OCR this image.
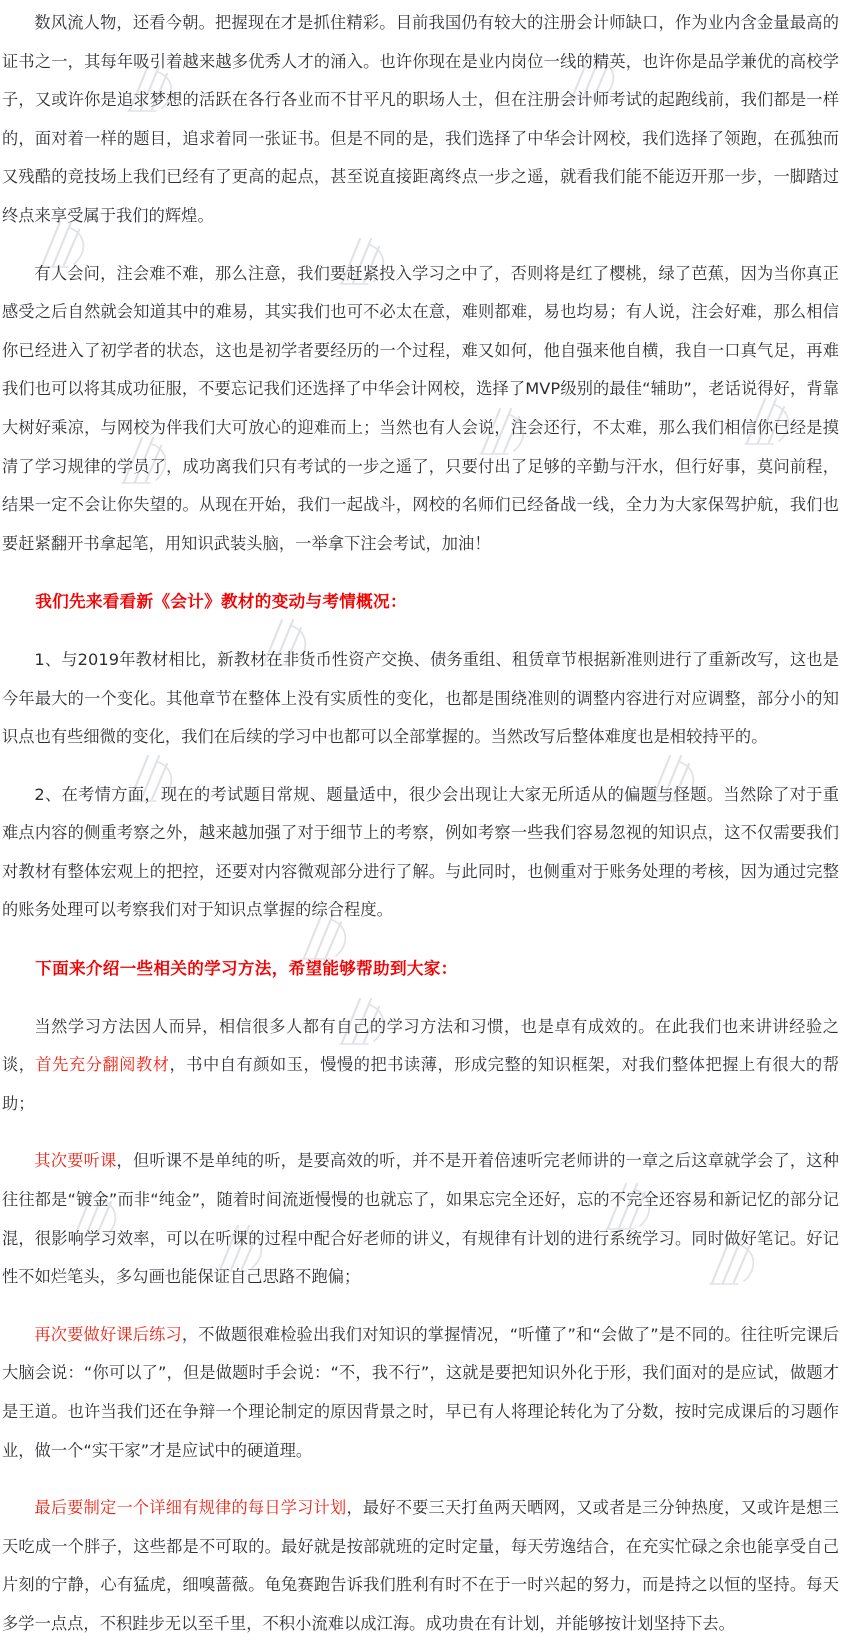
数风流人物，还看今朝。把握现在才是抓住精彩。目前我国仍有较大的注册会计师缺口，作为业内含金量最高的证书之一，其每年吸引着越来越多优秀人才的涌入。也许你现在是业内岗位一线的精英，也许你是品学兼优的高校学子，又或许你是追求梦想的活跃在各行各业而不甘平凡的职场人士，但在注册会计师考试的起跑线前，我们都是一样的，面对着一样的题目，追求着同一张证书。但是不同的是，我们选择了中华会计网校，我们选择了领跑，在孤独而又残酷的竞技场上我们已经有了更高的起点，甚至说直接距离终点一步之遥，就看我们能不能迈开那一步，一脚踏过终点来享受属于我们的辉煌。

有人会问，注会难不难，那么注意，我们要赶紧投入学习之中了，否则将是红了樱桃，绿了芭蕉，因为当你真正感受之后自然就会知道其中的难易，其实我们也可不必太在意，难则都难，易也均易；有人说，注会好难，那么相信你已经进入了初学者的状态，这也是初学者要经历的一个过程，难又如何，他自强来他自横，我自一口真气足，再难我们也可以将其成功征服，不要忘记我们还选择了中华会计网校，选择了MVP级别的最佳“辅助”，老话说得好，背靠大树好乘凉，与网校为伴我们大可放心的迎难而上；当然也有人会说，注会还行，不太难，那么我们相信你已经是摸清了学习规律的学员了，成功离我们只有考试的一步之遥了，只要付出了足够的辛勤与汗水，但行好事，莫问前程，结果一定不会让你失望的。从现在开始，我们一起战斗，网校的名师们已经备战一线，全力为大家保驾护航，我们也要赶紧翻开书拿起笔，用知识武装头脑，一举拿下注会考试，加油！

我们先来看看新《会计》教材的变动与考情概况：

1、与2019年教材相比，新教材在非货币性资产交换、债务重组、租赁章节根据新准则进行了重新改写，这也是今年最大的一个变化。其他章节在整体上没有实质性的变化，也都是围绕准则的调整内容进行对应调整，部分小的知识点也有些细微的变化，我们在后续的学习中也都可以全部掌握的。当然改写后整体难度也是相较持平的。

2、在考情方面，现在的考试题目常规、题量适中，很少会出现让大家无所适从的偏题与怪题。当然除了对于重难点内容的侧重考察之外，越来越加强了对于细节上的考察，例如考察一些我们容易忽视的知识点，这不仅需要我们对教材有整体宏观上的把控，还要对内容微观部分进行了解。与此同时，也侧重对于账务处理的考核，因为通过完整的账务处理可以考察我们对于知识点掌握的综合程度。

下面来介绍一些相关的学习方法，希望能够帮助到大家：

当然学习方法因人而异，相信很多人都有自己的学习方法和习惯，也是卓有成效的。在此我们也来讲讲经验之谈，首先充分翻阅教材，书中自有颜如玉，慢慢的把书读薄，形成完整的知识框架，对我们整体把握上有很大的帮助；

其次要听课，但听课不是单纯的听，是要高效的听，并不是开着倍速听完老师讲的一章之后这章就学会了，这种往往都是“镀金”而非“纯金”，随着时间流逝慢慢的也就忘了，如果忘完全还好，忘的不完全还容易和新记忆的部分记混，很影响学习效率，可以在听课的过程中配合好老师的讲义，有规律有计划的进行系统学习。同时做好笔记。好记性不如烂笔头，多勾画也能保证自己思路不跑偏；

再次要做好课后练习，不做题很难检验出我们对知识的掌握情况，“听懂了”和“会做了”是不同的。往往听完课后大脑会说：“你可以了”，但是做题时手会说：“不，我不行”，这就是要把知识外化于形，我们面对的是应试，做题才是王道。也许当我们还在争辩一个理论制定的原因背景之时，早已有人将理论转化为了分数，按时完成课后的习题作业，做一个“实干家”才是应试中的硬道理。

最后要制定一个详细有规律的每日学习计划，最好不要三天打鱼两天晒网，又或者是三分钟热度，又或许是想三天吃成一个胖子，这些都是不可取的。最好就是按部就班的定时定量，每天劳逸结合，在充实忙碌之余也能享受自己片刻的宁静，心有猛虎，细嗅蔷薇。龟兔赛跑告诉我们胜利有时不在于一时兴起的努力，而是持之以恒的坚持。每天多学一点点，不积跬步无以至千里，不积小流难以成江海。成功贵在有计划，并能够按计划坚持下去。
